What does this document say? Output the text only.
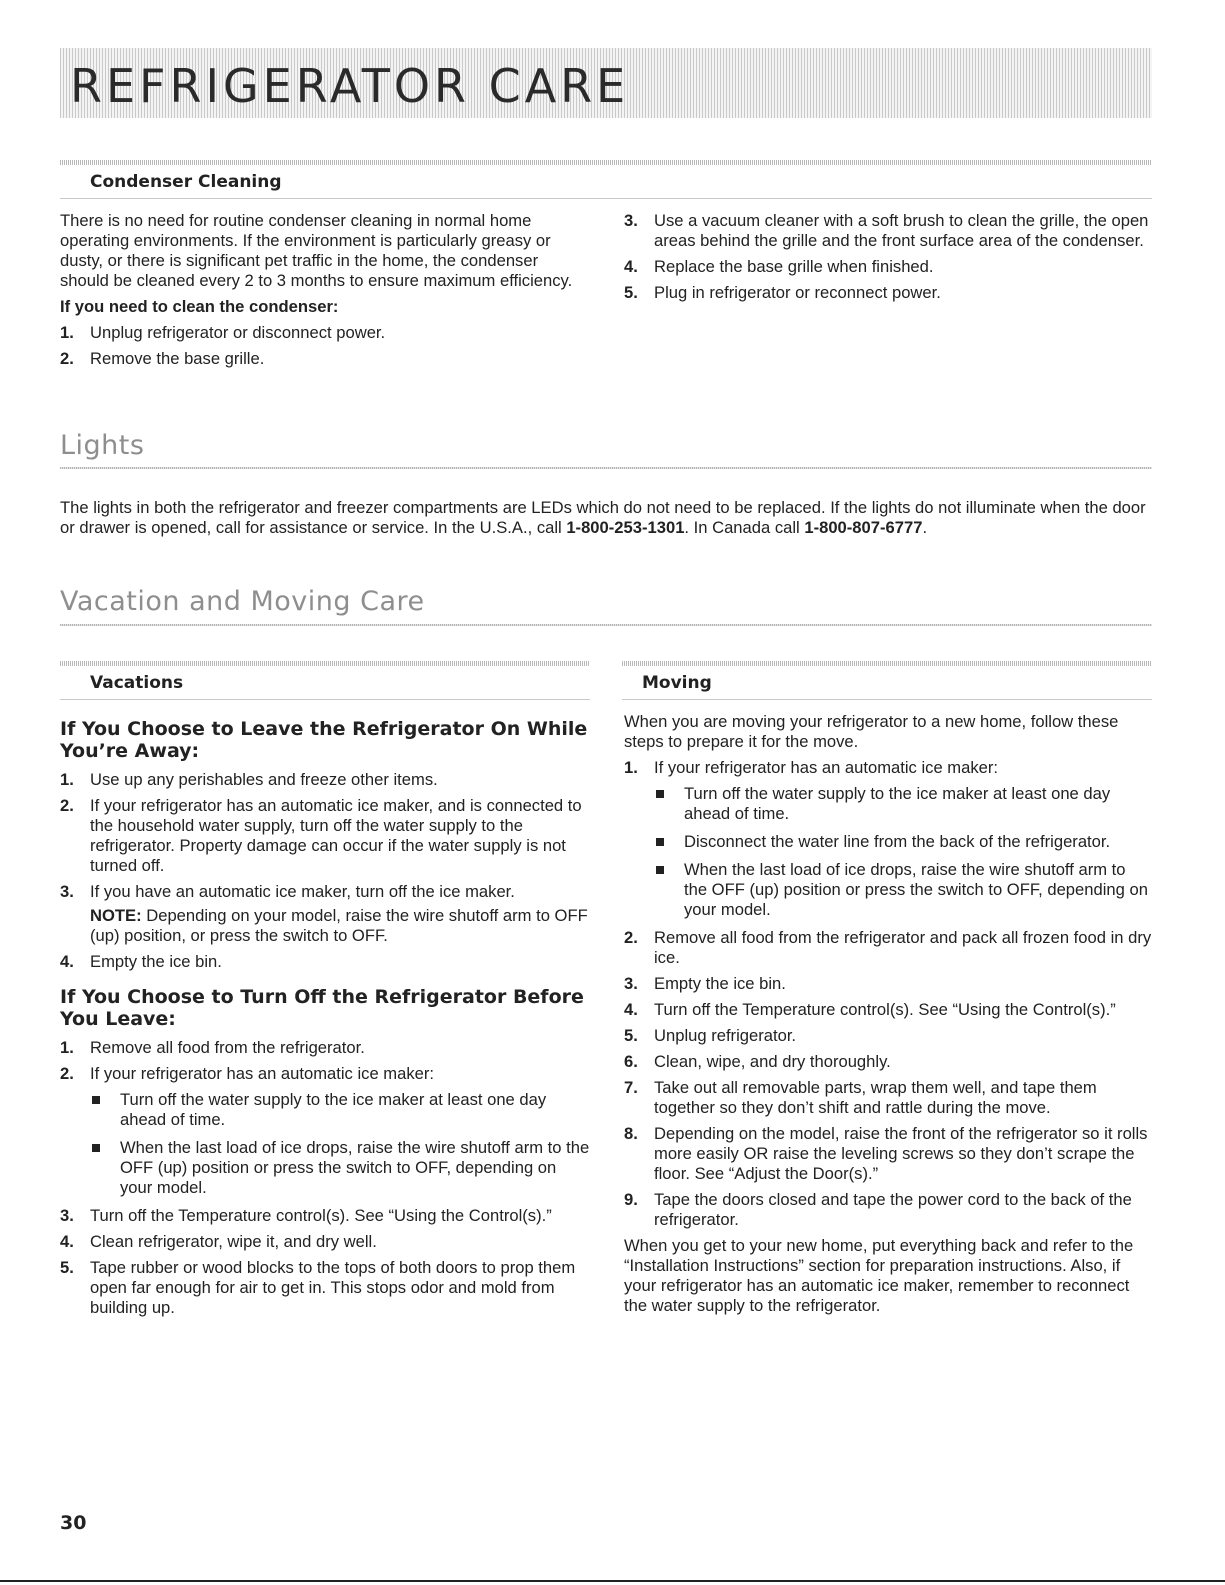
REFRIGERATOR CARE
Condenser Cleaning

There is no need for routine condenser cleaning in normal home operating environments. If the environment is particularly greasy or dusty, or there is significant pet traffic in the home, the condenser should be cleaned every 2 to 3 months to ensure maximum efficiency.

If you need to clean the condenser:

1. Unplug refrigerator or disconnect power.
2. Remove the base grille.
3. Use a vacuum cleaner with a soft brush to clean the grille, the open areas behind the grille and the front surface area of the condenser.
4. Replace the base grille when finished.
5. Plug in refrigerator or reconnect power.
Lights
The lights in both the refrigerator and freezer compartments are LEDs which do not need to be replaced. If the lights do not illuminate when the door or drawer is opened, call for assistance or service. In the U.S.A., call 1-800-253-1301. In Canada call 1-800-807-6777.
Vacation and Moving Care
Vacations
If You Choose to Leave the Refrigerator On While You’re Away:
1. Use up any perishables and freeze other items.
2. If your refrigerator has an automatic ice maker, and is connected to the household water supply, turn off the water supply to the refrigerator. Property damage can occur if the water supply is not turned off.
3. If you have an automatic ice maker, turn off the ice maker.
NOTE: Depending on your model, raise the wire shutoff arm to OFF (up) position, or press the switch to OFF.
4. Empty the ice bin.
If You Choose to Turn Off the Refrigerator Before You Leave:
1. Remove all food from the refrigerator.
2. If your refrigerator has an automatic ice maker:
Turn off the water supply to the ice maker at least one day ahead of time.
When the last load of ice drops, raise the wire shutoff arm to the OFF (up) position or press the switch to OFF, depending on your model.
3. Turn off the Temperature control(s). See “Using the Control(s).”
4. Clean refrigerator, wipe it, and dry well.
5. Tape rubber or wood blocks to the tops of both doors to prop them open far enough for air to get in. This stops odor and mold from building up.
Moving

When you are moving your refrigerator to a new home, follow these steps to prepare it for the move.

1. If your refrigerator has an automatic ice maker:
Turn off the water supply to the ice maker at least one day ahead of time.
Disconnect the water line from the back of the refrigerator.
When the last load of ice drops, raise the wire shutoff arm to the OFF (up) position or press the switch to OFF, depending on your model.
2. Remove all food from the refrigerator and pack all frozen food in dry ice.
3. Empty the ice bin.
4. Turn off the Temperature control(s). See “Using the Control(s).”
5. Unplug refrigerator.
6. Clean, wipe, and dry thoroughly.
7. Take out all removable parts, wrap them well, and tape them together so they don’t shift and rattle during the move.
8. Depending on the model, raise the front of the refrigerator so it rolls more easily OR raise the leveling screws so they don’t scrape the floor. See “Adjust the Door(s).”
9. Tape the doors closed and tape the power cord to the back of the refrigerator.

When you get to your new home, put everything back and refer to the “Installation Instructions” section for preparation instructions. Also, if your refrigerator has an automatic ice maker, remember to reconnect the water supply to the refrigerator.

30
